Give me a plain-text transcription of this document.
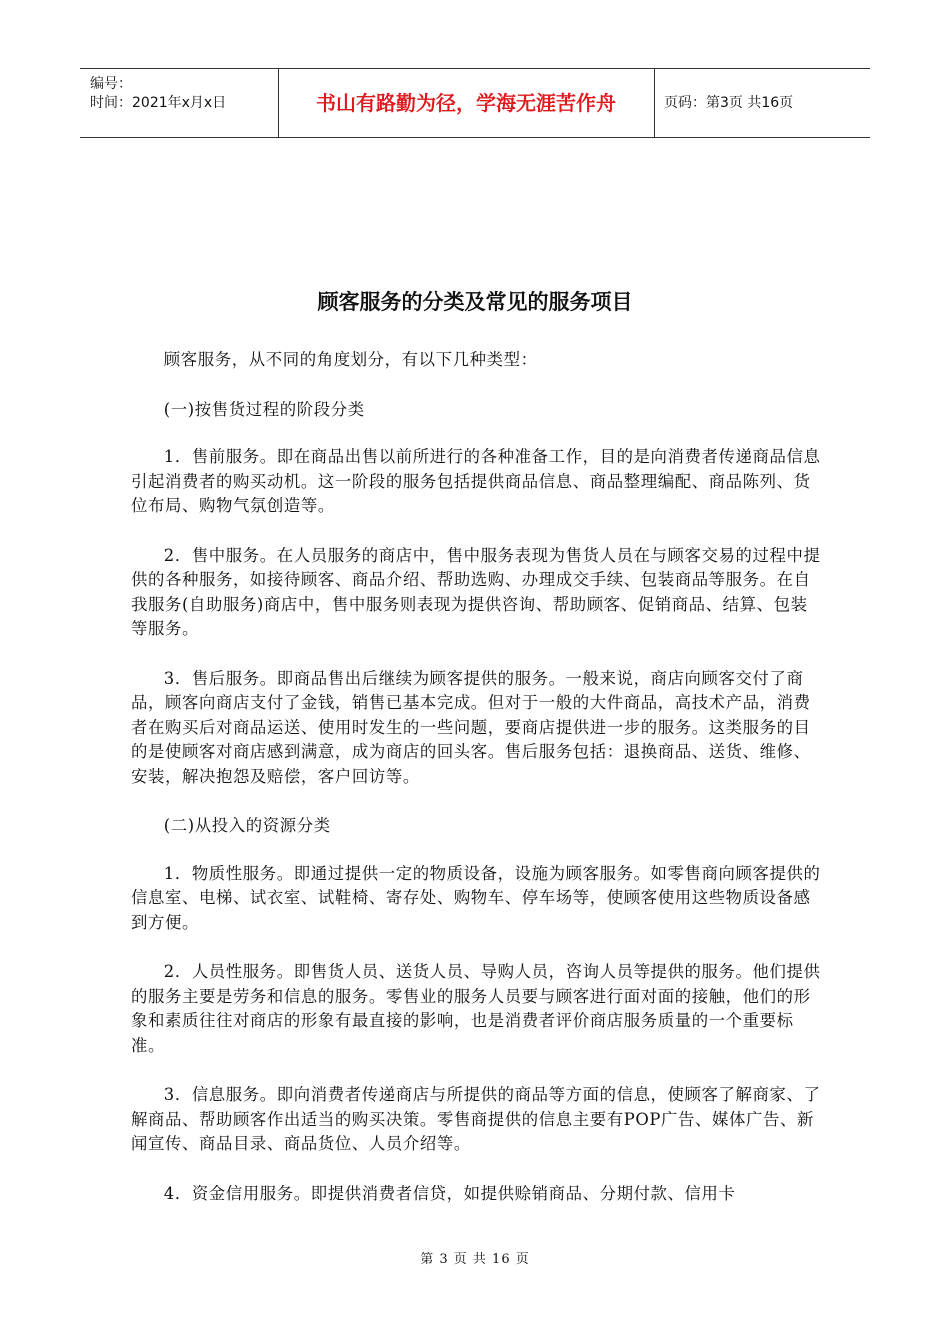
编号：
时间：2021年x月x日	书山有路勤为径，学海无涯苦作舟	页码：第3页 共16页
顾客服务的分类及常见的服务项目

顾客服务，从不同的角度划分，有以下几种类型：

(一)按售货过程的阶段分类

1．售前服务。即在商品出售以前所进行的各种准备工作，目的是向消费者传递商品信息引起消费者的购买动机。这一阶段的服务包括提供商品信息、商品整理编配、商品陈列、货位布局、购物气氛创造等。

2．售中服务。在人员服务的商店中，售中服务表现为售货人员在与顾客交易的过程中提供的各种服务，如接待顾客、商品介绍、帮助选购、办理成交手续、包装商品等服务。在自我服务(自助服务)商店中，售中服务则表现为提供咨询、帮助顾客、促销商品、结算、包装等服务。

3．售后服务。即商品售出后继续为顾客提供的服务。一般来说，商店向顾客交付了商品，顾客向商店支付了金钱，销售已基本完成。但对于一般的大件商品，高技术产品，消费者在购买后对商品运送、使用时发生的一些问题，要商店提供进一步的服务。这类服务的目的是使顾客对商店感到满意，成为商店的回头客。售后服务包括：退换商品、送货、维修、安装，解决抱怨及赔偿，客户回访等。

(二)从投入的资源分类

1．物质性服务。即通过提供一定的物质设备，设施为顾客服务。如零售商向顾客提供的信息室、电梯、试衣室、试鞋椅、寄存处、购物车、停车场等，使顾客使用这些物质设备感到方便。

2．人员性服务。即售货人员、送货人员、导购人员，咨询人员等提供的服务。他们提供的服务主要是劳务和信息的服务。零售业的服务人员要与顾客进行面对面的接触，他们的形象和素质往往对商店的形象有最直接的影响，也是消费者评价商店服务质量的一个重要标准。

3．信息服务。即向消费者传递商店与所提供的商品等方面的信息，使顾客了解商家、了解商品、帮助顾客作出适当的购买决策。零售商提供的信息主要有POP广告、媒体广告、新闻宣传、商品目录、商品货位、人员介绍等。

4．资金信用服务。即提供消费者信贷，如提供赊销商品、分期付款、信用卡

第 3 页 共 16 页
